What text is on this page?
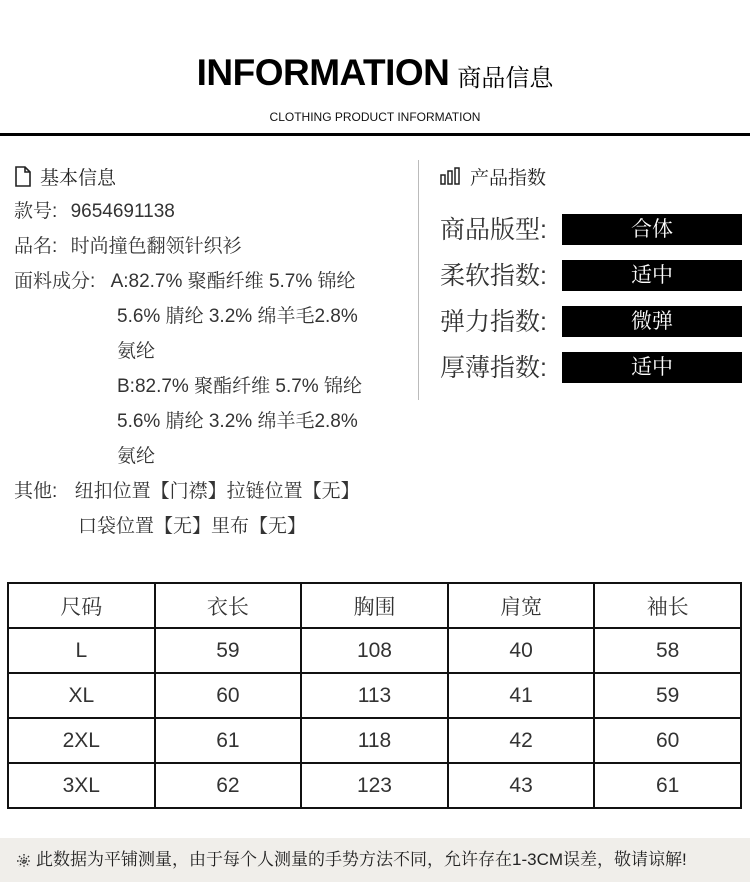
INFORMATION 商品信息
CLOTHING PRODUCT INFORMATION
基本信息
款号: 9654691138
品名: 时尚撞色翻领针织衫
面料成分: A:82.7% 聚酯纤维 5.7% 锦纶
5.6% 腈纶 3.2% 绵羊毛2.8%
氨纶
B:82.7% 聚酯纤维 5.7% 锦纶
5.6% 腈纶 3.2% 绵羊毛2.8%
氨纶
其他: 纽扣位置【门襟】拉链位置【无】
口袋位置【无】里布【无】
产品指数
商品版型:	合体
柔软指数:	适中
弹力指数:	微弹
厚薄指数:	适中
尺码	衣长	胸围	肩宽	袖长
L	59	108	40	58
XL	60	113	41	59
2XL	61	118	42	60
3XL	62	123	43	61
此数据为平铺测量，由于每个人测量的手势方法不同，允许存在1-3CM误差，敬请谅解!
